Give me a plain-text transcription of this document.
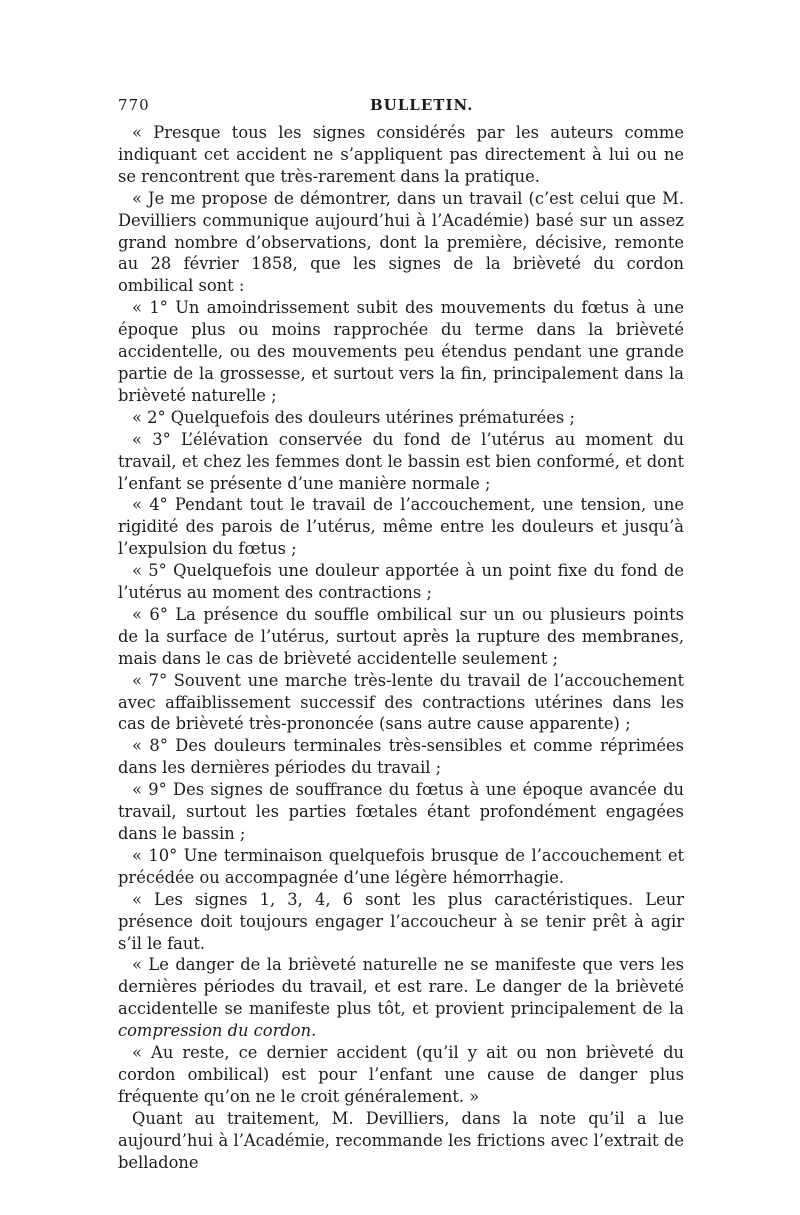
770	BULLETIN.

« Presque tous les signes considérés par les auteurs comme indiquant cet accident ne s’appliquent pas directement à lui ou ne se rencontrent que très-rarement dans la pratique.

« Je me propose de démontrer, dans un travail (c’est celui que M. Devilliers communique aujourd’hui à l’Académie) basé sur un assez grand nombre d’observations, dont la première, décisive, remonte au 28 février 1858, que les signes de la brièveté du cordon ombilical sont :

« 1° Un amoindrissement subit des mouvements du fœtus à une époque plus ou moins rapprochée du terme dans la brièveté accidentelle, ou des mouvements peu étendus pendant une grande partie de la grossesse, et surtout vers la fin, principalement dans la brièveté naturelle ;

« 2° Quelquefois des douleurs utérines prématurées ;

« 3° L’élévation conservée du fond de l’utérus au moment du travail, et chez les femmes dont le bassin est bien conformé, et dont l’enfant se présente d’une manière normale ;

« 4° Pendant tout le travail de l’accouchement, une tension, une rigidité des parois de l’utérus, même entre les douleurs et jusqu’à l’expulsion du fœtus ;

« 5° Quelquefois une douleur apportée à un point fixe du fond de l’utérus au moment des contractions ;

« 6° La présence du souffle ombilical sur un ou plusieurs points de la surface de l’utérus, surtout après la rupture des membranes, mais dans le cas de brièveté accidentelle seulement ;

« 7° Souvent une marche très-lente du travail de l’accouchement avec affaiblissement successif des contractions utérines dans les cas de brièveté très-prononcée (sans autre cause apparente) ;

« 8° Des douleurs terminales très-sensibles et comme réprimées dans les dernières périodes du travail ;

« 9° Des signes de souffrance du fœtus à une époque avancée du travail, surtout les parties fœtales étant profondément engagées dans le bassin ;

« 10° Une terminaison quelquefois brusque de l’accouchement et précédée ou accompagnée d’une légère hémorrhagie.

« Les signes 1, 3, 4, 6 sont les plus caractéristiques. Leur présence doit toujours engager l’accoucheur à se tenir prêt à agir s’il le faut.

« Le danger de la brièveté naturelle ne se manifeste que vers les dernières périodes du travail, et est rare. Le danger de la brièveté accidentelle se manifeste plus tôt, et provient principalement de la compression du cordon.

« Au reste, ce dernier accident (qu’il y ait ou non brièveté du cordon ombilical) est pour l’enfant une cause de danger plus fréquente qu’on ne le croit généralement. »

Quant au traitement, M. Devilliers, dans la note qu’il a lue aujourd’hui à l’Académie, recommande les frictions avec l’extrait de belladone
